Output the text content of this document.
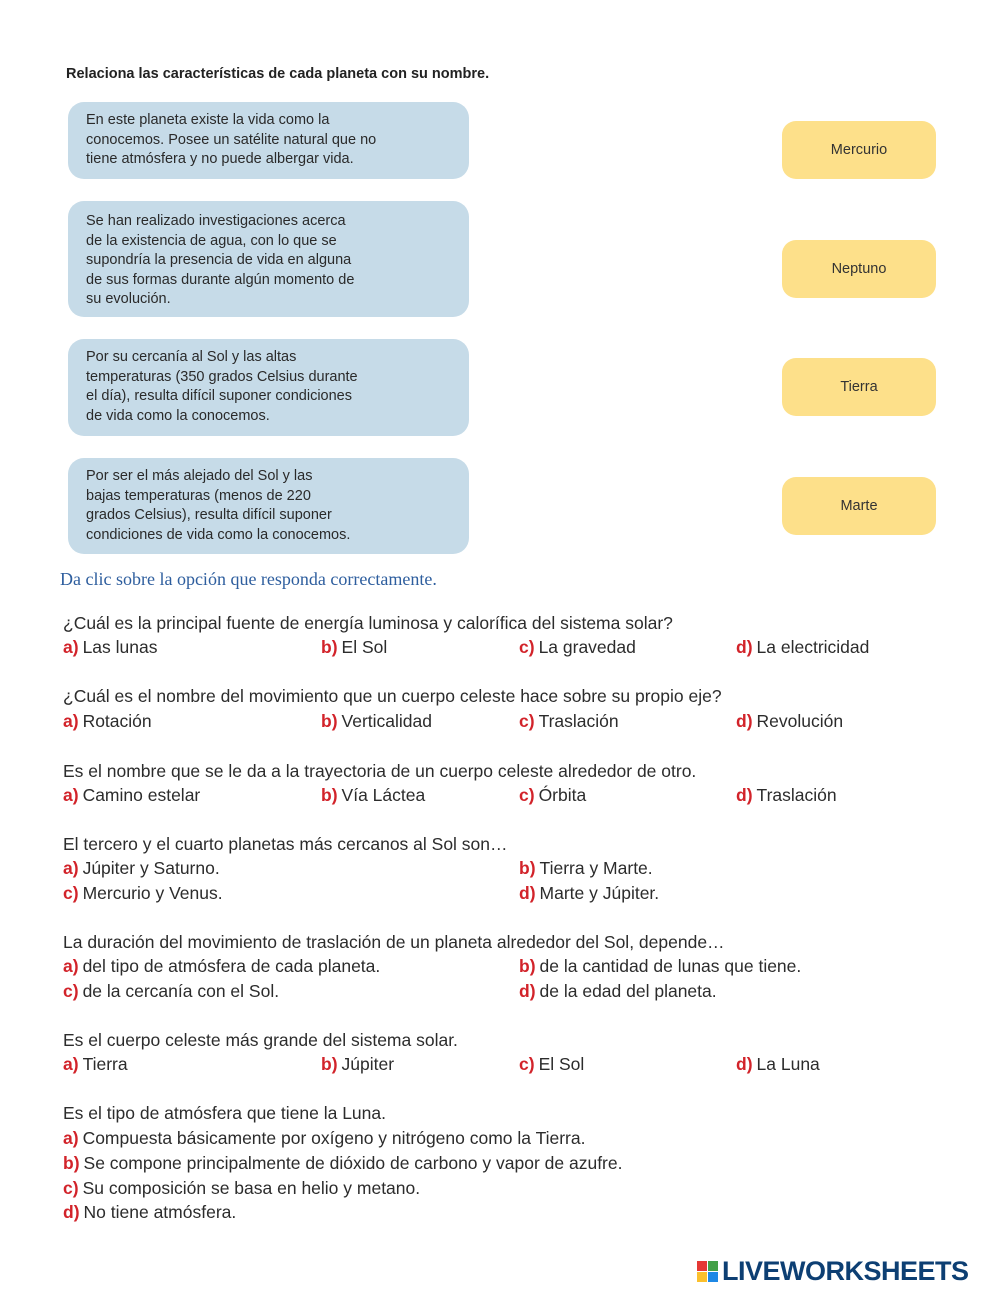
Relaciona las características de cada planeta con su nombre.
En este planeta existe la vida como la
conocemos. Posee un satélite natural que no
tiene atmósfera y no puede albergar vida.
Se han realizado investigaciones acerca
de la existencia de agua, con lo que se
supondría la presencia de vida en alguna
de sus formas durante algún momento de
su evolución.
Por su cercanía al Sol y las altas
temperaturas (350 grados Celsius durante
el día), resulta difícil suponer condiciones
de vida como la conocemos.
Por ser el más alejado del Sol y las
bajas temperaturas (menos de 220
grados Celsius), resulta difícil suponer
condiciones de vida como la conocemos.
Mercurio
Neptuno
Tierra
Marte
Da clic sobre la opción que responda correctamente.
¿Cuál es la principal fuente de energía luminosa y calorífica del sistema solar?
a) Las lunas	b) El Sol	c) La gravedad	d) La electricidad
¿Cuál es el nombre del movimiento que un cuerpo celeste hace sobre su propio eje?
a) Rotación	b) Verticalidad	c) Traslación	d) Revolución
Es el nombre que se le da a la trayectoria de un cuerpo celeste alrededor de otro.
a) Camino estelar	b) Vía Láctea	c) Órbita	d) Traslación
El tercero y el cuarto planetas más cercanos al Sol son…
a) Júpiter y Saturno.	b) Tierra y Marte.
c) Mercurio y Venus.	d) Marte y Júpiter.
La duración del movimiento de traslación de un planeta alrededor del Sol, depende…
a) del tipo de atmósfera de cada planeta.	b) de la cantidad de lunas que tiene.
c) de la cercanía con el Sol.	d) de la edad del planeta.
Es el cuerpo celeste más grande del sistema solar.
a) Tierra	b) Júpiter	c) El Sol	d) La Luna
Es el tipo de atmósfera que tiene la Luna.
a) Compuesta básicamente por oxígeno y nitrógeno como la Tierra.
b) Se compone principalmente de dióxido de carbono y vapor de azufre.
c) Su composición se basa en helio y metano.
d) No tiene atmósfera.
LIVEWORKSHEETS
